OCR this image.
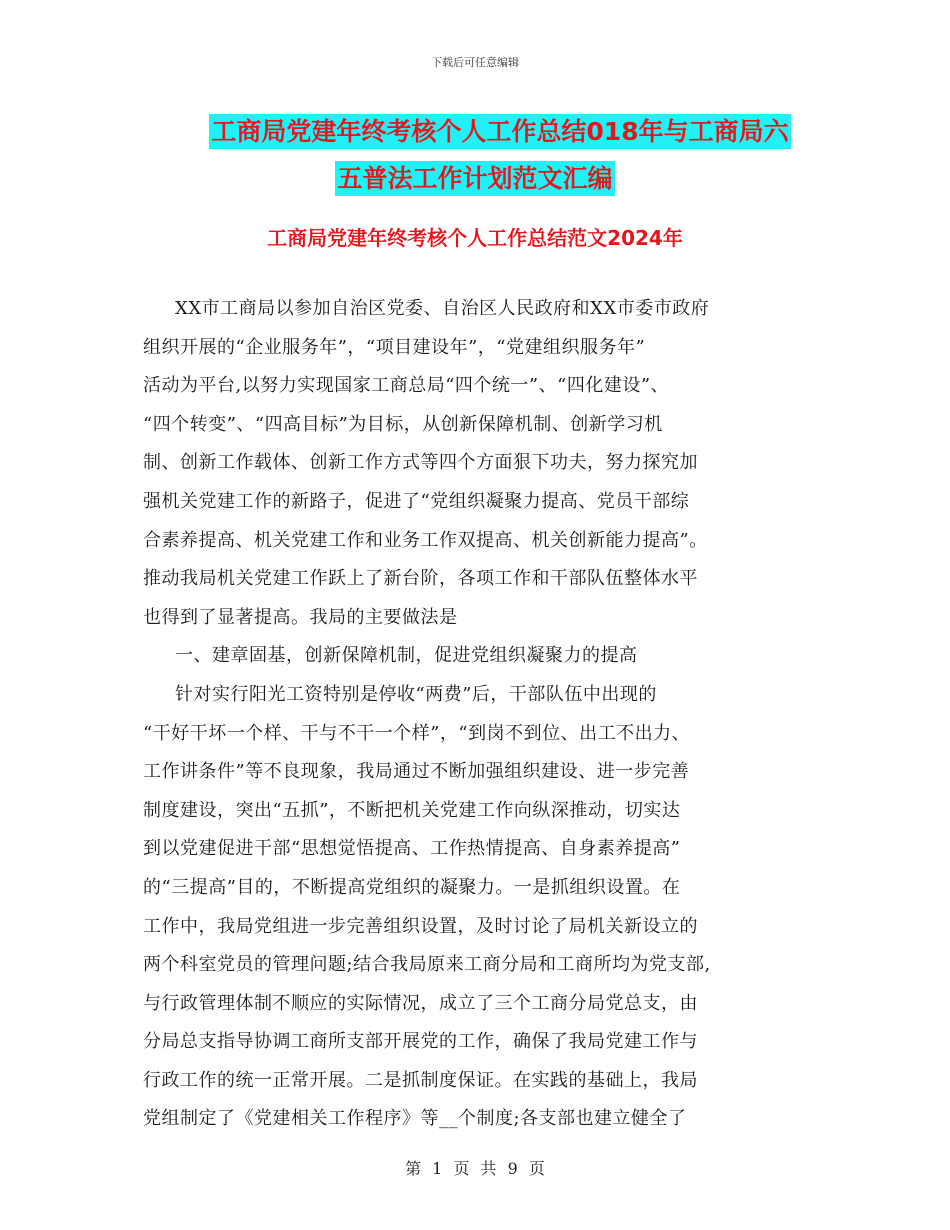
下载后可任意编辑
工商局党建年终考核个人工作总结018年与工商局六
五普法工作计划范文汇编
工商局党建年终考核个人工作总结范文2024年
XX市工商局以参加自治区党委、自治区人民政府和XX市委市政府
组织开展的“企业服务年”，“项目建设年”，“党建组织服务年”
活动为平台,以努力实现国家工商总局“四个统一”、“四化建设”、
“四个转变”、“四高目标”为目标，从创新保障机制、创新学习机
制、创新工作载体、创新工作方式等四个方面狠下功夫，努力探究加
强机关党建工作的新路子，促进了“党组织凝聚力提高、党员干部综
合素养提高、机关党建工作和业务工作双提高、机关创新能力提高”。
推动我局机关党建工作跃上了新台阶，各项工作和干部队伍整体水平
也得到了显著提高。我局的主要做法是
一、建章固基，创新保障机制，促进党组织凝聚力的提高
针对实行阳光工资特别是停收“两费”后，干部队伍中出现的
“干好干坏一个样、干与不干一个样”，“到岗不到位、出工不出力、
工作讲条件”等不良现象，我局通过不断加强组织建设、进一步完善
制度建设，突出“五抓”，不断把机关党建工作向纵深推动，切实达
到以党建促进干部“思想觉悟提高、工作热情提高、自身素养提高”
的“三提高”目的，不断提高党组织的凝聚力。一是抓组织设置。在
工作中，我局党组进一步完善组织设置，及时讨论了局机关新设立的
两个科室党员的管理问题;结合我局原来工商分局和工商所均为党支部,
与行政管理体制不顺应的实际情况，成立了三个工商分局党总支，由
分局总支指导协调工商所支部开展党的工作，确保了我局党建工作与
行政工作的统一正常开展。二是抓制度保证。在实践的基础上，我局
党组制定了《党建相关工作程序》等__个制度;各支部也建立健全了
第 1 页 共 9 页
